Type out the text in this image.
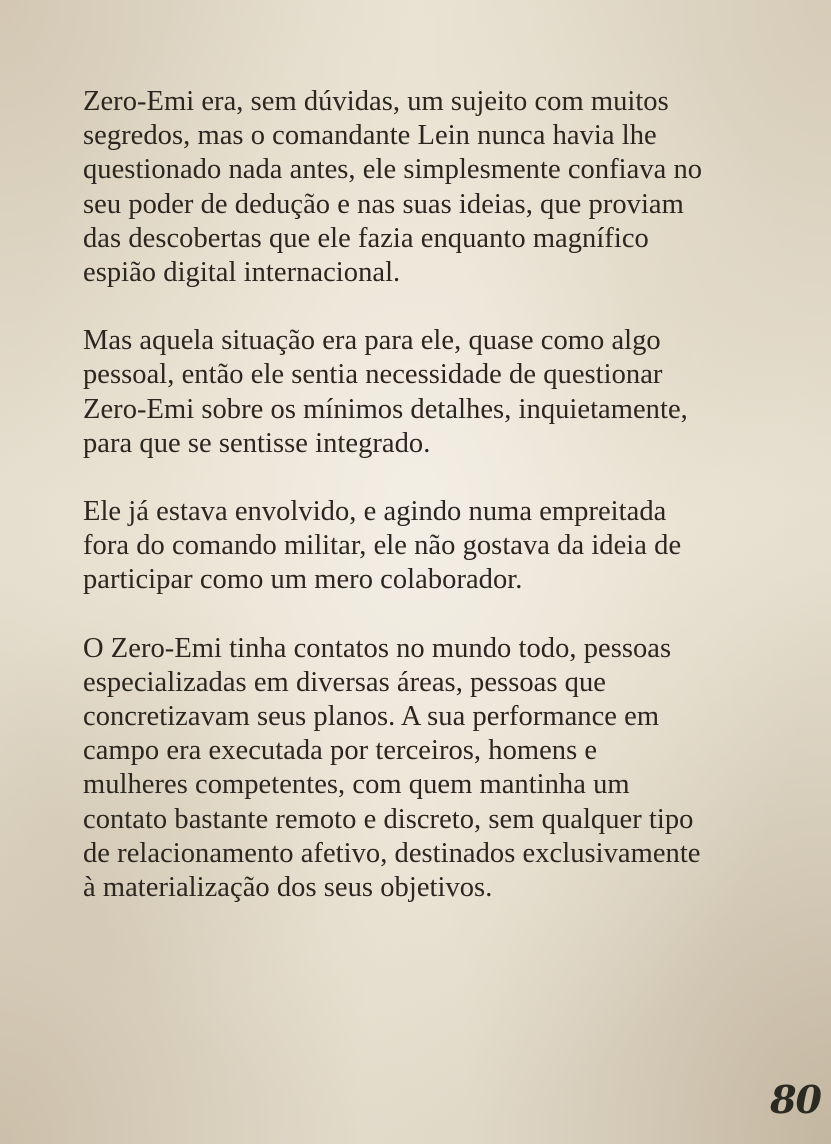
Zero-Emi era, sem dúvidas, um sujeito com muitos
segredos, mas o comandante Lein nunca havia lhe
questionado nada antes, ele simplesmente confiava no
seu poder de dedução e nas suas ideias, que proviam
das descobertas que ele fazia enquanto magnífico
espião digital internacional.

Mas aquela situação era para ele, quase como algo
pessoal, então ele sentia necessidade de questionar
Zero-Emi sobre os mínimos detalhes, inquietamente,
para que se sentisse integrado.

Ele já estava envolvido, e agindo numa empreitada
fora do comando militar, ele não gostava da ideia de
participar como um mero colaborador.

O Zero-Emi tinha contatos no mundo todo, pessoas
especializadas em diversas áreas, pessoas que
concretizavam seus planos. A sua performance em
campo era executada por terceiros, homens e
mulheres competentes, com quem mantinha um
contato bastante remoto e discreto, sem qualquer tipo
de relacionamento afetivo, destinados exclusivamente
à materialização dos seus objetivos.

80
